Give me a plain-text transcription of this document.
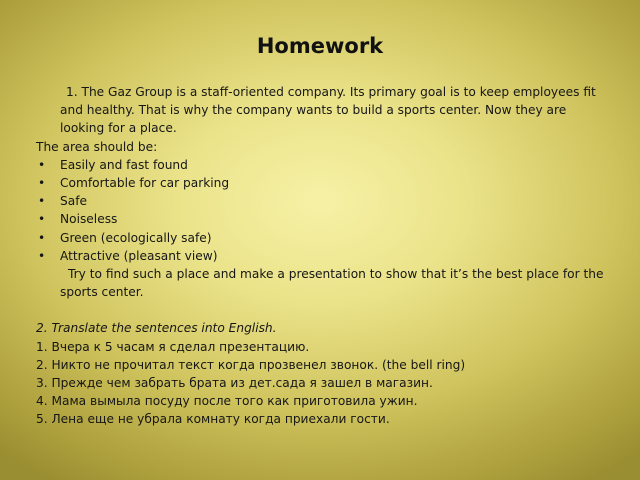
Homework

1. The Gaz Group is a staff-oriented company. Its primary goal is to keep employees fit and healthy. That is why the company wants to build a sports center. Now they are looking for a place.

The area should be:

• Easily and fast found
• Comfortable for car parking
• Safe
• Noiseless
• Green (ecologically safe)
• Attractive (pleasant view)

Try to find such a place and make a presentation to show that it’s the best place for the sports center.

2. Translate the sentences into English.

1. Вчера к 5 часам я сделал презентацию.
2. Никто не прочитал текст когда прозвенел звонок. (the bell ring)
3. Прежде чем забрать брата из дет.сада я зашел в магазин.
4. Мама вымыла посуду после того как приготовила ужин.
5. Лена еще не убрала комнату когда приехали гости.
